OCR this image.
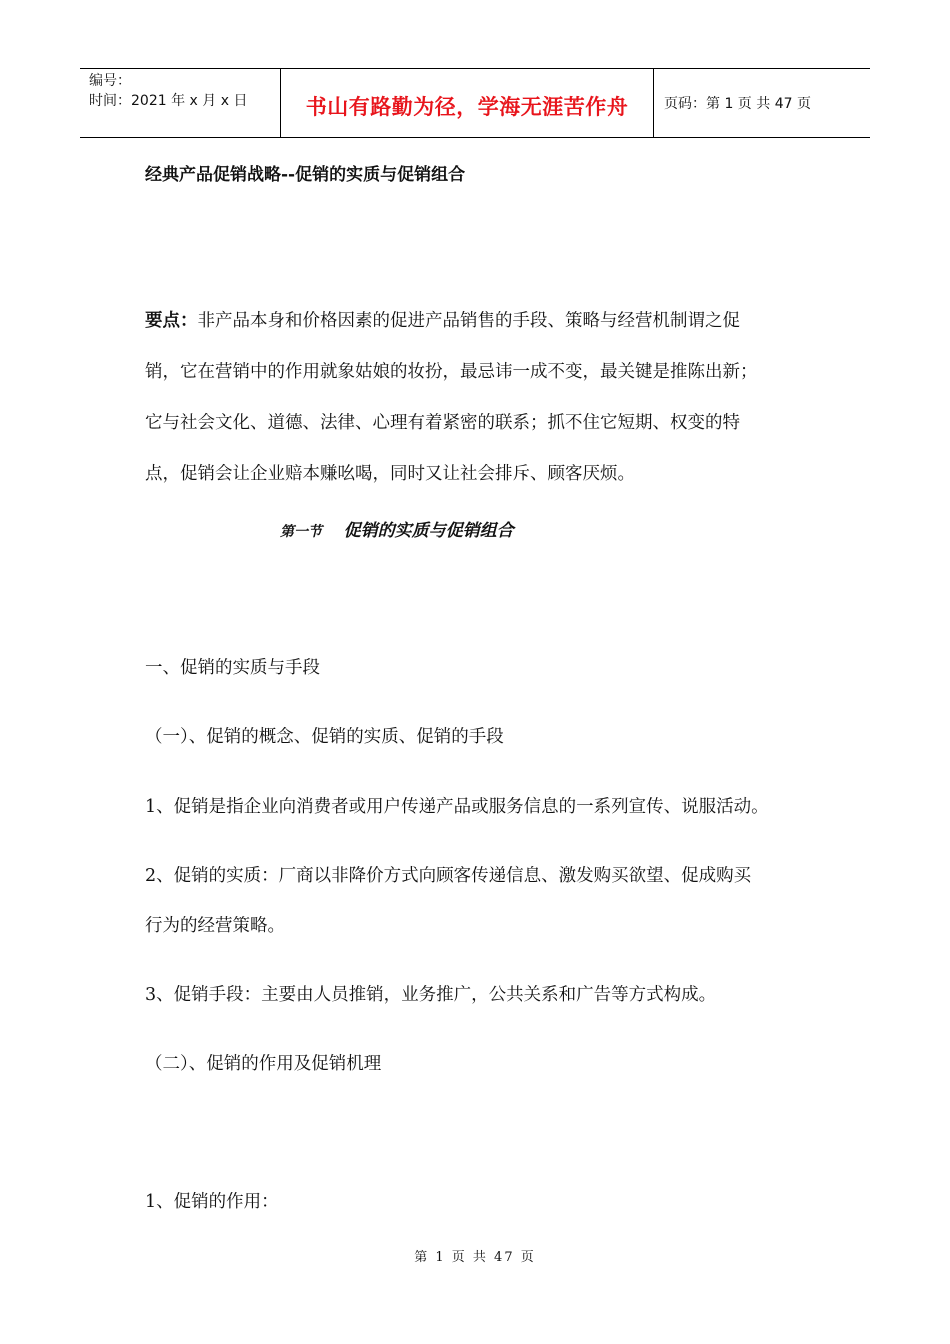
编号：
时间：2021 年 x 月 x 日	书山有路勤为径，学海无涯苦作舟	页码：第 1 页 共 47 页
经典产品促销战略--促销的实质与促销组合
要点：非产品本身和价格因素的促进产品销售的手段、策略与经营机制谓之促
销，它在营销中的作用就象姑娘的妆扮，最忌讳一成不变，最关键是推陈出新；
它与社会文化、道德、法律、心理有着紧密的联系；抓不住它短期、权变的特
点，促销会让企业赔本赚吆喝，同时又让社会排斥、顾客厌烦。
第一节 促销的实质与促销组合
一、促销的实质与手段
（一）、促销的概念、促销的实质、促销的手段
1、促销是指企业向消费者或用户传递产品或服务信息的一系列宣传、说服活动。
2、促销的实质：厂商以非降价方式向顾客传递信息、激发购买欲望、促成购买
行为的经营策略。
3、促销手段：主要由人员推销，业务推广，公共关系和广告等方式构成。
（二）、促销的作用及促销机理
1、促销的作用：
第 1 页 共 47 页
